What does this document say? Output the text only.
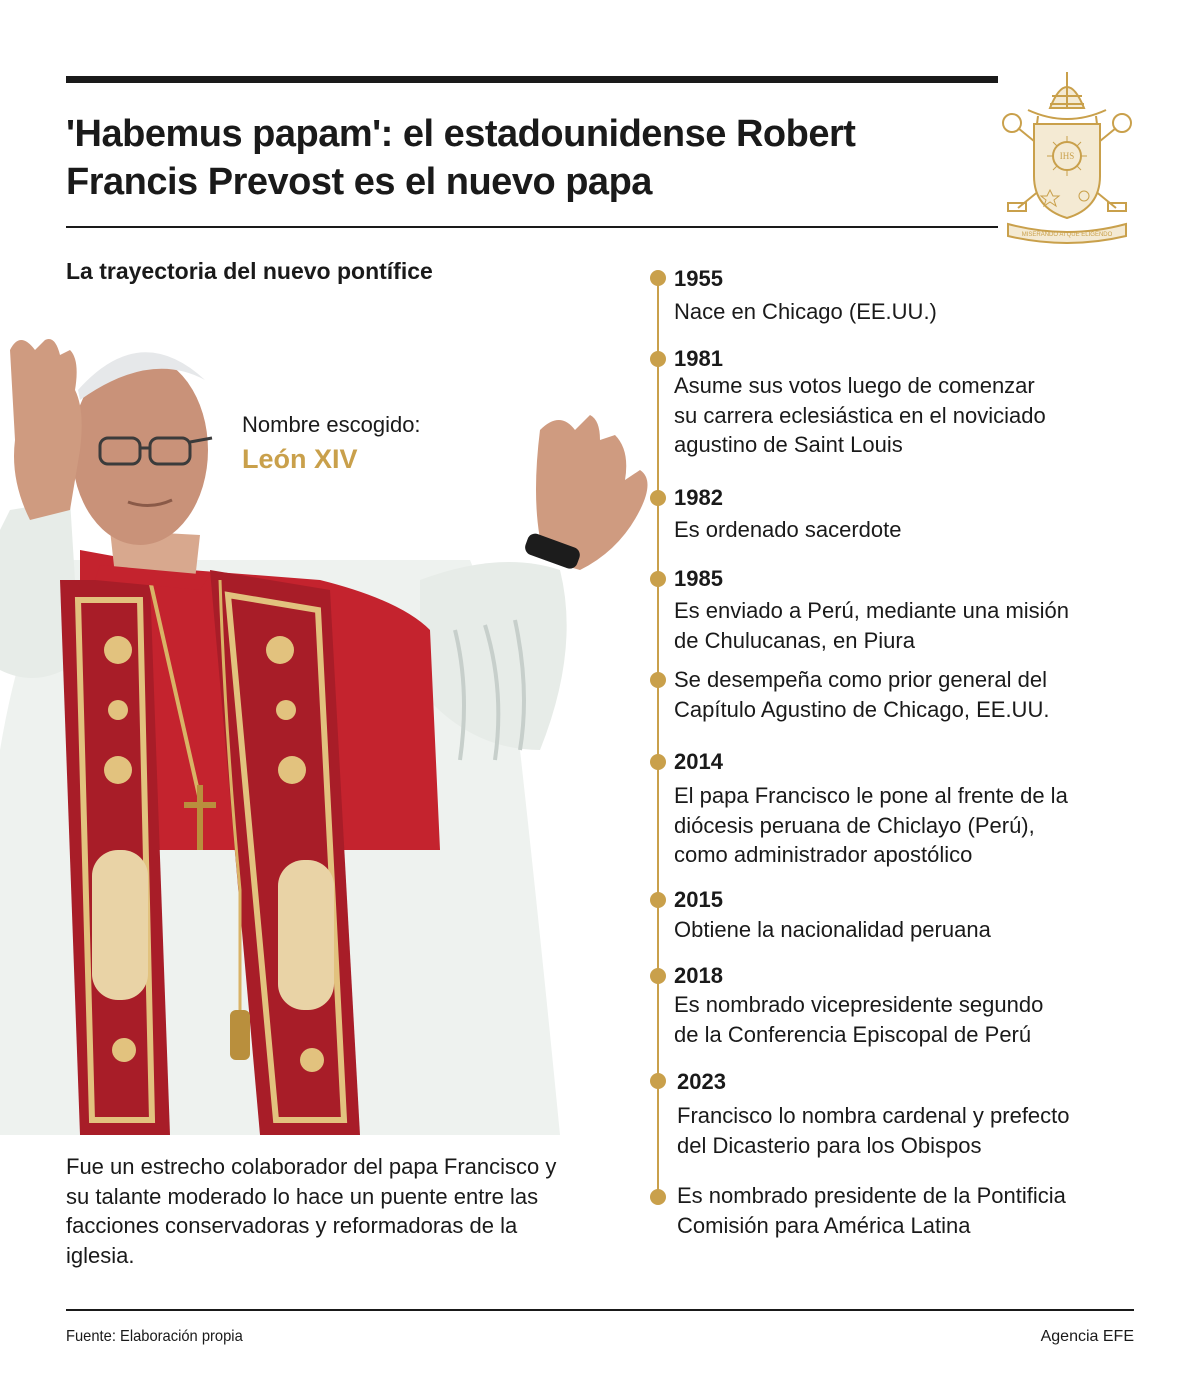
'Habemus papam': el estadounidense Robert
Francis Prevost es el nuevo papa
IHS
MISERANDO ATQUE ELIGENDO
La trayectoria del nuevo pontífice
Nombre escogido:
León XIV

Fue un estrecho colaborador del papa Francisco y
su talante moderado lo hace un puente entre las
facciones conservadoras y reformadoras de la
iglesia.

1955
Nace en Chicago (EE.UU.)
1981
Asume sus votos luego de comenzar
su carrera eclesiástica en el noviciado
agustino de Saint Louis
1982
Es ordenado sacerdote
1985
Es enviado a Perú, mediante una misión
de Chulucanas, en Piura
Se desempeña como prior general del
Capítulo Agustino de Chicago, EE.UU.
2014
El papa Francisco le pone al frente de la
diócesis peruana de Chiclayo (Perú),
como administrador apostólico
2015
Obtiene la nacionalidad peruana
2018
Es nombrado vicepresidente segundo
de la Conferencia Episcopal de Perú
2023
Francisco lo nombra cardenal y prefecto
del Dicasterio para los Obispos
Es nombrado presidente de la Pontificia
Comisión para América Latina
Fuente: Elaboración propia	Agencia EFE
